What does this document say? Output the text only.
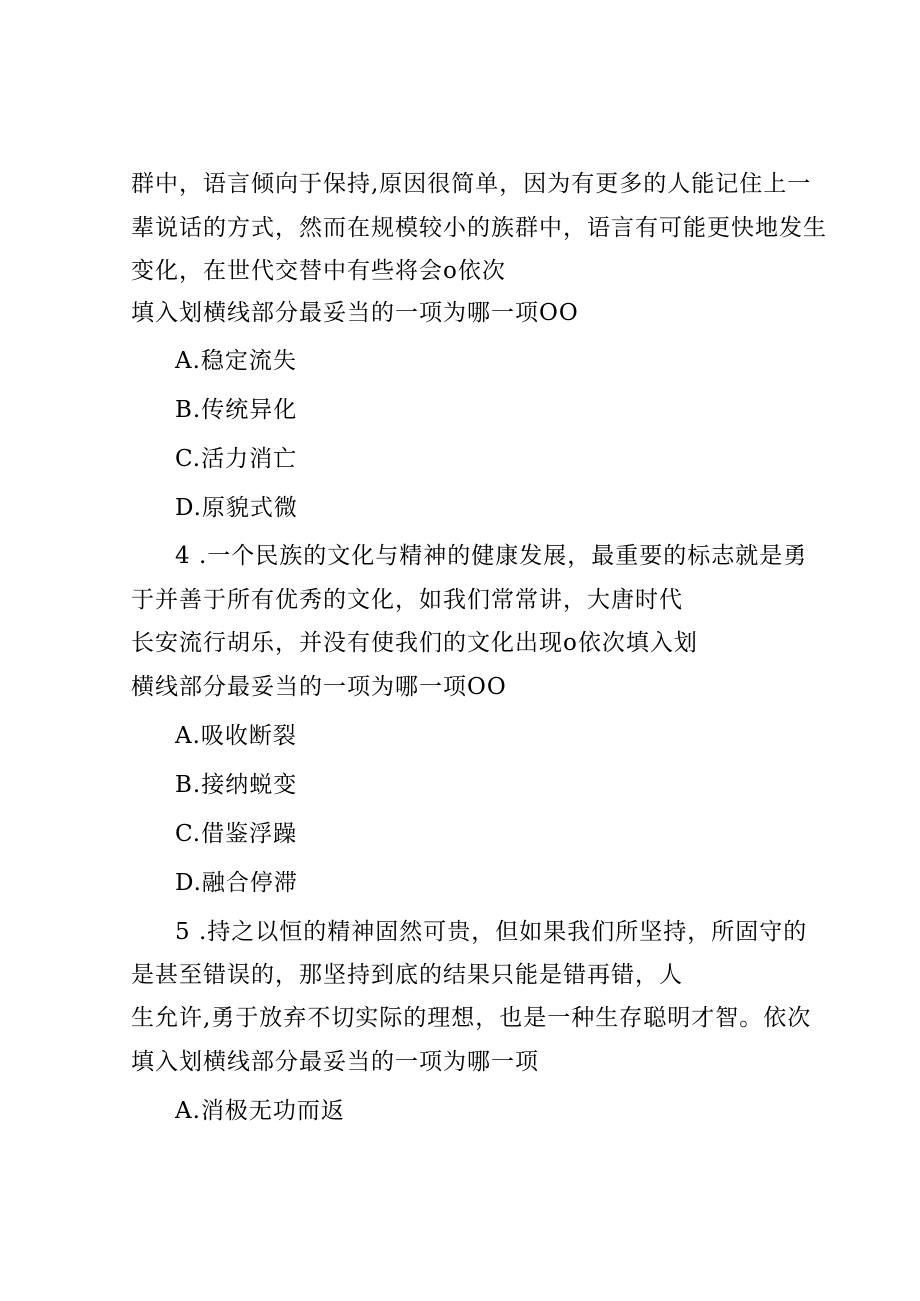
群中，语言倾向于保持,原因很简单，因为有更多的人能记住上一
辈说话的方式，然而在规模较小的族群中，语言有可能更快地发生
变化，在世代交替中有些将会o依次
填入划横线部分最妥当的一项为哪一项OO
A.稳定流失
B.传统异化
C.活力消亡
D.原貌式微
4 .一个民族的文化与精神的健康发展，最重要的标志就是勇
于并善于所有优秀的文化，如我们常常讲，大唐时代
长安流行胡乐，并没有使我们的文化出现o依次填入划
横线部分最妥当的一项为哪一项OO
A.吸收断裂
B.接纳蜕变
C.借鉴浮躁
D.融合停滞
5 .持之以恒的精神固然可贵，但如果我们所坚持，所固守的
是甚至错误的，那坚持到底的结果只能是错再错，人
生允许,勇于放弃不切实际的理想，也是一种生存聪明才智。依次
填入划横线部分最妥当的一项为哪一项
A.消极无功而返
